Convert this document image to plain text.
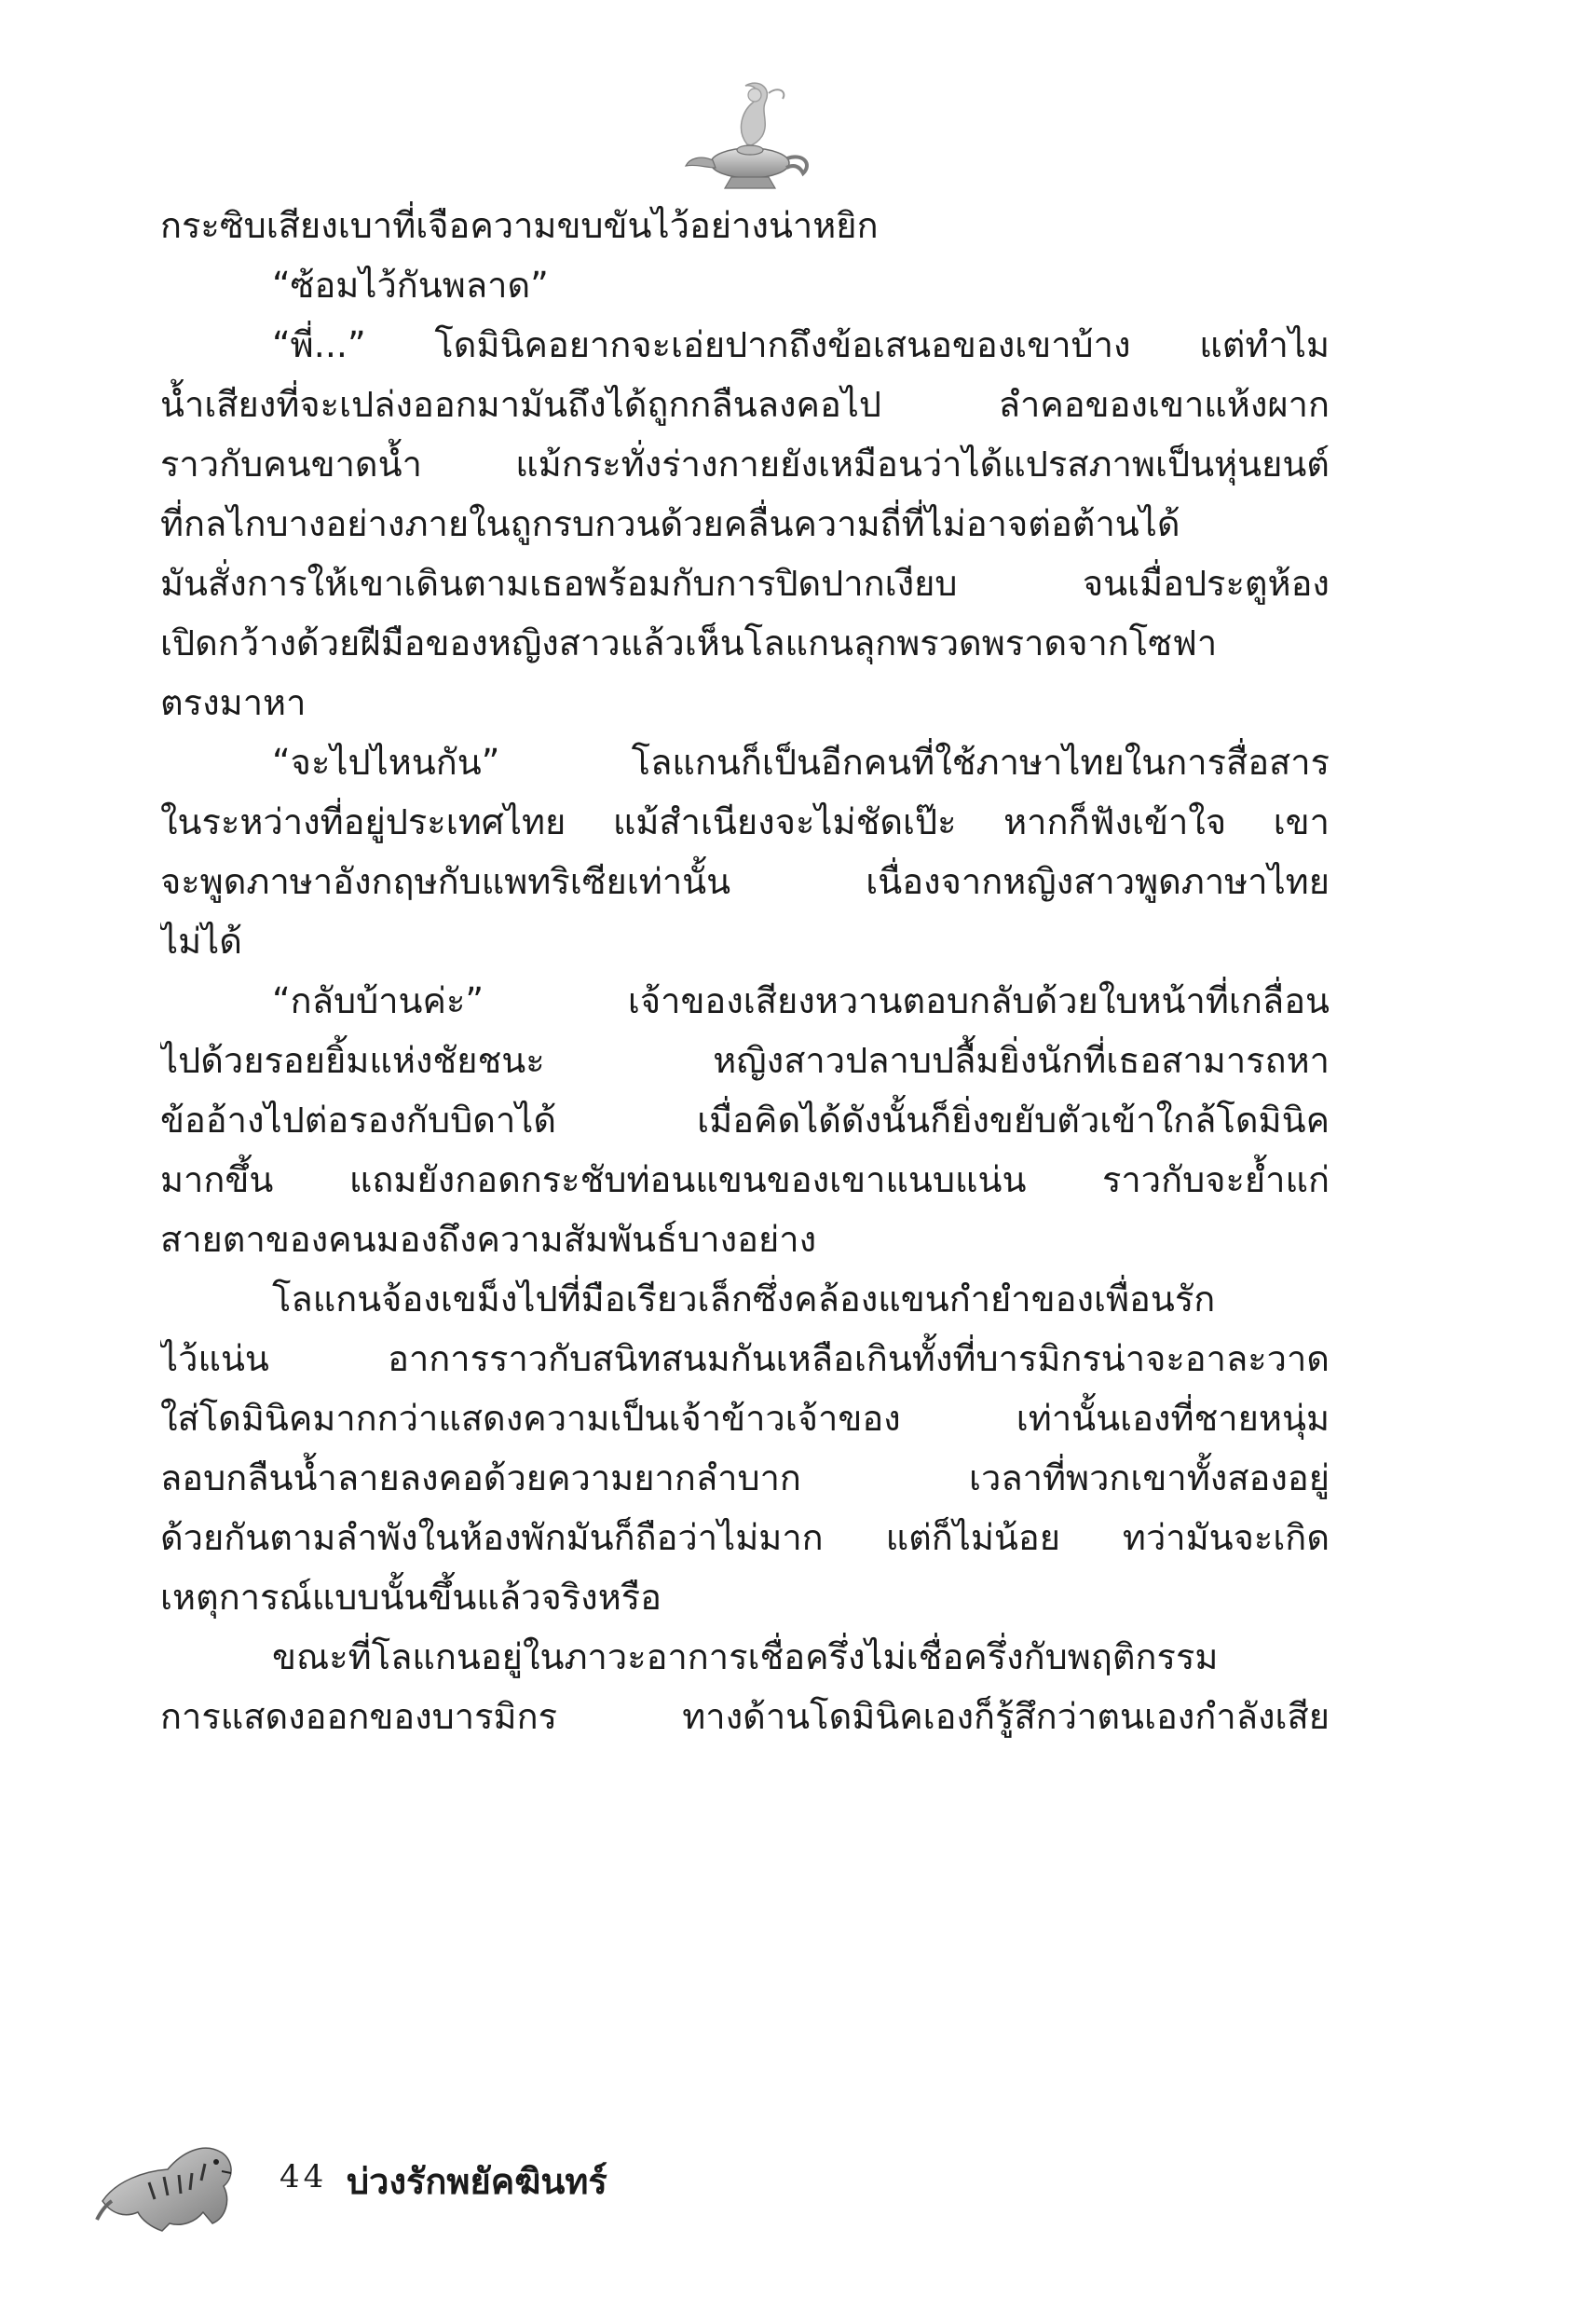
กระซิบเสียงเบาที่เจือความขบขันไว้อย่างน่าหยิก
“ซ้อมไว้กันพลาด”
“พี่...” โดมินิคอยากจะเอ่ยปากถึงข้อเสนอของเขาบ้าง แต่ทำไม
น้ำเสียงที่จะเปล่งออกมามันถึงได้ถูกกลืนลงคอไป ลำคอของเขาแห้งผาก
ราวกับคนขาดน้ำ แม้กระทั่งร่างกายยังเหมือนว่าได้แปรสภาพเป็นหุ่นยนต์
ที่กลไกบางอย่างภายในถูกรบกวนด้วยคลื่นความถี่ที่ไม่อาจต่อต้านได้
มันสั่งการให้เขาเดินตามเธอพร้อมกับการปิดปากเงียบ จนเมื่อประตูห้อง
เปิดกว้างด้วยฝีมือของหญิงสาวแล้วเห็นโลแกนลุกพรวดพราดจากโซฟา
ตรงมาหา
“จะไปไหนกัน” โลแกนก็เป็นอีกคนที่ใช้ภาษาไทยในการสื่อสาร
ในระหว่างที่อยู่ประเทศไทย แม้สำเนียงจะไม่ชัดเป๊ะ หากก็ฟังเข้าใจ เขา
จะพูดภาษาอังกฤษกับแพทริเซียเท่านั้น เนื่องจากหญิงสาวพูดภาษาไทย
ไม่ได้
“กลับบ้านค่ะ” เจ้าของเสียงหวานตอบกลับด้วยใบหน้าที่เกลื่อน
ไปด้วยรอยยิ้มแห่งชัยชนะ หญิงสาวปลาบปลื้มยิ่งนักที่เธอสามารถหา
ข้ออ้างไปต่อรองกับบิดาได้ เมื่อคิดได้ดังนั้นก็ยิ่งขยับตัวเข้าใกล้โดมินิค
มากขึ้น แถมยังกอดกระชับท่อนแขนของเขาแนบแน่น ราวกับจะย้ำแก่
สายตาของคนมองถึงความสัมพันธ์บางอย่าง
โลแกนจ้องเขม็งไปที่มือเรียวเล็กซึ่งคล้องแขนกำยำของเพื่อนรัก
ไว้แน่น อาการราวกับสนิทสนมกันเหลือเกินทั้งที่บารมิกรน่าจะอาละวาด
ใส่โดมินิคมากกว่าแสดงความเป็นเจ้าข้าวเจ้าของ เท่านั้นเองที่ชายหนุ่ม
ลอบกลืนน้ำลายลงคอด้วยความยากลำบาก เวลาที่พวกเขาทั้งสองอยู่
ด้วยกันตามลำพังในห้องพักมันก็ถือว่าไม่มาก แต่ก็ไม่น้อย ทว่ามันจะเกิด
เหตุการณ์แบบนั้นขึ้นแล้วจริงหรือ
ขณะที่โลแกนอยู่ในภาวะอาการเชื่อครึ่งไม่เชื่อครึ่งกับพฤติกรรม
การแสดงออกของบารมิกร ทางด้านโดมินิคเองก็รู้สึกว่าตนเองกำลังเสีย
44 บ่วงรักพยัคฆินทร์
